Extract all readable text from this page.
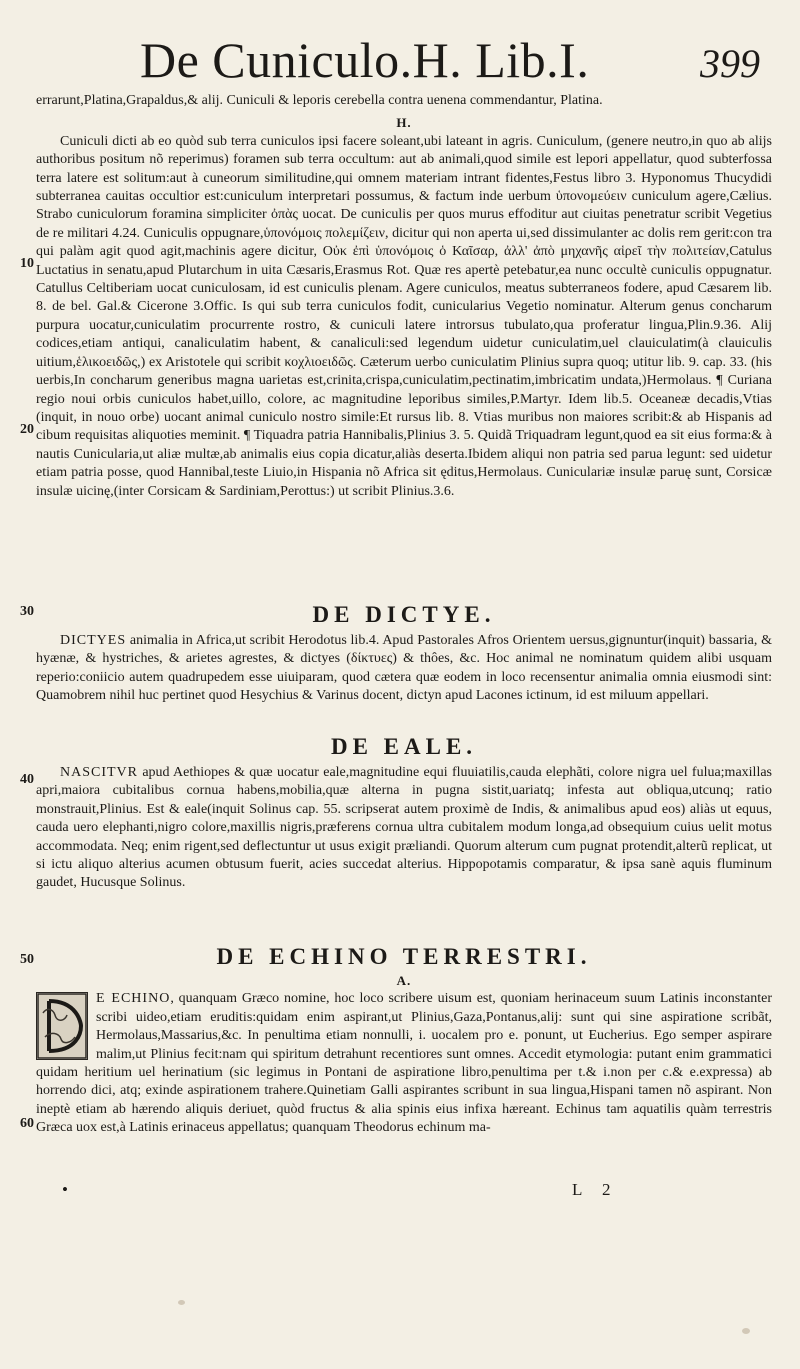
De Cuniculo.H. Lib.I.	399
10
20
30
40
50
60

errarunt,Platina,Grapaldus,& alij. Cuniculi & leporis cerebella contra uenena commendantur, Platina.

H.

Cuniculi dicti ab eo quòd sub terra cuniculos ipsi facere soleant,ubi lateant in agris. Cuniculum, (genere neutro,in quo ab alijs authoribus positum nõ reperimus) foramen sub terra occultum: aut ab animali,quod simile est lepori appellatur, quod subterfossa terra latere est solitum:aut à cuneorum similitudine,qui omnem materiam intrant fidentes,Festus libro 3. Hyponomus Thucydidi subterranea cauitas occultior est:cuniculum interpretari possumus, & factum inde uerbum ὑπονομεύειν cuniculum agere,Cælius. Strabo cuniculorum foramina simpliciter ὀπὰς uocat. De cuniculis per quos murus effoditur aut ciuitas penetratur scribit Vegetius de re militari 4.24. Cuniculis oppugnare,ὑπονόμοις πολεμίζειν, dicitur qui non aperta ui,sed dissimulanter ac dolis rem gerit:con tra qui palàm agit quod agit,machinis agere dicitur, Οὐκ ἐπὶ ὑπονόμοις ὁ Καῖσαρ, ἀλλ' ἀπὸ μηχανῆς αἱρεῖ τὴν πολιτείαν,Catulus Luctatius in senatu,apud Plutarchum in uita Cæsaris,Erasmus Rot. Quæ res apertè petebatur,ea nunc occultè cuniculis oppugnatur. Catullus Celtiberiam uocat cuniculosam, id est cuniculis plenam. Agere cuniculos, meatus subterraneos fodere, apud Cæsarem lib. 8. de bel. Gal.& Cicerone 3.Offic. Is qui sub terra cuniculos fodit, cunicularius Vegetio nominatur. Alterum genus concharum purpura uocatur,cuniculatim procurrente rostro, & cuniculi latere introrsus tubulato,qua proferatur lingua,Plin.9.36. Alij codices,etiam antiqui, canaliculatim habent, & canaliculi:sed legendum uidetur cuniculatim,uel clauiculatim(à clauiculis uitium,ἑλικοειδῶς,) ex Aristotele qui scribit κοχλιοειδῶς. Cæterum uerbo cuniculatim Plinius supra quoq; utitur lib. 9. cap. 33. (his uerbis,In concharum generibus magna uarietas est,crinita,crispa,cuniculatim,pectinatim,imbricatim undata,)Hermolaus. ¶ Curiana regio noui orbis cuniculos habet,uillo, colore, ac magnitudine leporibus similes,P.Martyr. Idem lib.5. Oceaneæ decadis,Vtias (inquit, in nouo orbe) uocant animal cuniculo nostro simile:Et rursus lib. 8. Vtias muribus non maiores scribit:& ab Hispanis ad cibum requisitas aliquoties meminit. ¶ Tiquadra patria Hannibalis,Plinius 3. 5. Quidã Triquadram legunt,quod ea sit eius forma:& à nautis Cunicularia,ut aliæ multæ,ab animalis eius copia dicatur,aliàs deserta.Ibidem aliqui non patria sed parua legunt: sed uidetur etiam patria posse, quod Hannibal,teste Liuio,in Hispania nõ Africa sit ęditus,Hermolaus. Cuniculariæ insulæ paruę sunt, Corsicæ insulæ uicinę,(inter Corsicam & Sardiniam,Perottus:) ut scribit Plinius.3.6.

DE DICTYE.

DICTYES animalia in Africa,ut scribit Herodotus lib.4. Apud Pastorales Afros Orientem uersus,gignuntur(inquit) bassaria, & hyænæ, & hystriches, & arietes agrestes, & dictyes (δίκτυες) & thôes, &c. Hoc animal ne nominatum quidem alibi usquam reperio:coniicio autem quadrupedem esse uiuiparam, quod cætera quæ eodem in loco recensentur animalia omnia eiusmodi sint: Quamobrem nihil huc pertinet quod Hesychius & Varinus docent, dictyn apud Lacones ictinum, id est miluum appellari.

DE EALE.

NASCITVR apud Aethiopes & quæ uocatur eale,magnitudine equi fluuiatilis,cauda elephãti, colore nigra uel fulua;maxillas apri,maiora cubitalibus cornua habens,mobilia,quæ alterna in pugna sistit,uariatq; infesta aut obliqua,utcunq; ratio monstrauit,Plinius. Est & eale(inquit Solinus cap. 55. scripserat autem proximè de Indis, & animalibus apud eos) aliàs ut equus, cauda uero elephanti,nigro colore,maxillis nigris,præferens cornua ultra cubitalem modum longa,ad obsequium cuius uelit motus accommodata. Neq; enim rigent,sed deflectuntur ut usus exigit præliandi. Quorum alterum cum pugnat protendit,alterũ replicat, ut si ictu aliquo alterius acumen obtusum fuerit, acies succedat alterius. Hippopotamis comparatur, & ipsa sanè aquis fluminum gaudet, Hucusque Solinus.

DE ECHINO TERRESTRI.
A.

E ECHINO, quanquam Græco nomine, hoc loco scribere uisum est, quoniam herinaceum suum Latinis inconstanter scribi uideo,etiam eruditis:quidam enim aspirant,ut Plinius,Gaza,Pontanus,alij: sunt qui sine aspiratione scribãt, Hermolaus,Massarius,&c. In penultima etiam nonnulli, i. uocalem pro e. ponunt, ut Eucherius. Ego semper aspirare malim,ut Plinius fecit:nam qui spiritum detrahunt recentiores sunt omnes. Accedit etymologia: putant enim grammatici quidam heritium uel herinatium (sic legimus in Pontani de aspiratione libro,penultima per t.& i.non per c.& e.expressa) ab horrendo dici, atq; exinde aspirationem trahere.Quinetiam Galli aspirantes scribunt in sua lingua,Hispani tamen nõ aspirant. Non ineptè etiam ab hærendo aliquis deriuet, quòd fructus & alia spinis eius infixa hæreant. Echinus tam aquatilis quàm terrestris Græca uox est,à Latinis erinaceus appellatus; quanquam Theodorus echinum ma-

•	L 2
